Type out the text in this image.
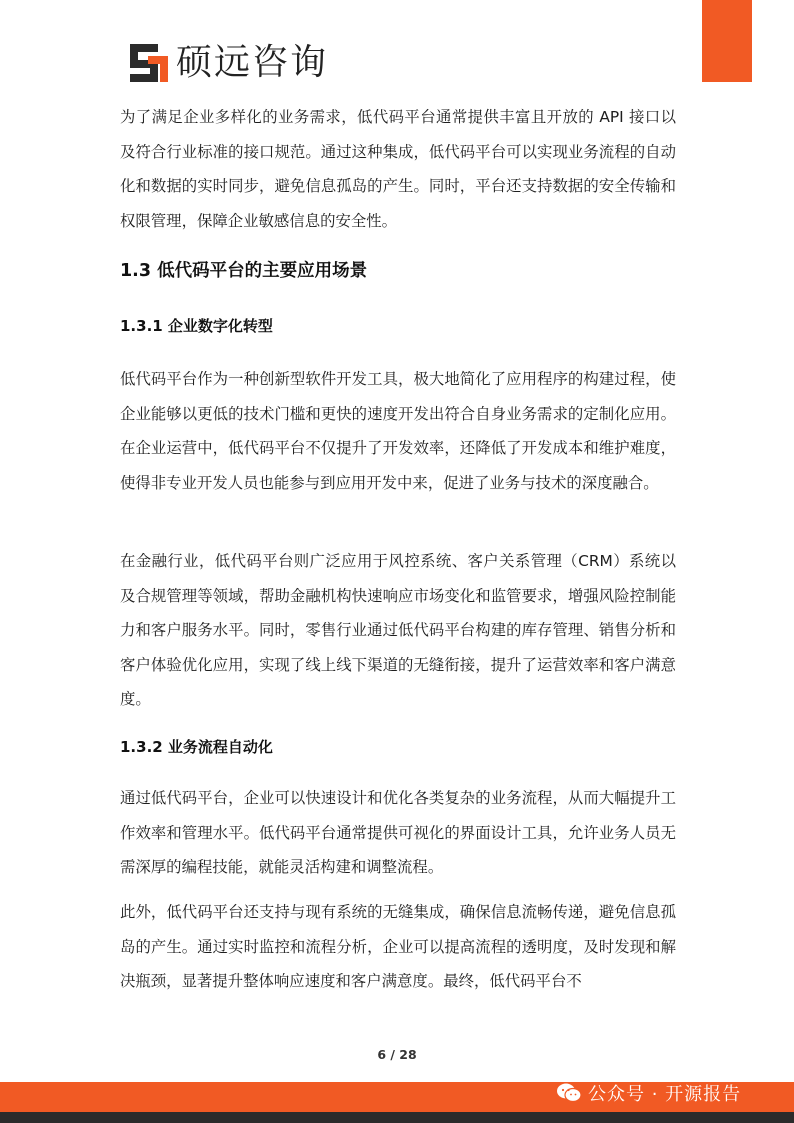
硕远咨询

为了满足企业多样化的业务需求，低代码平台通常提供丰富且开放的 API 接口以及符合行业标准的接口规范。通过这种集成，低代码平台可以实现业务流程的自动化和数据的实时同步，避免信息孤岛的产生。同时，平台还支持数据的安全传输和权限管理，保障企业敏感信息的安全性。

1.3 低代码平台的主要应用场景
1.3.1 企业数字化转型

低代码平台作为一种创新型软件开发工具，极大地简化了应用程序的构建过程，使企业能够以更低的技术门槛和更快的速度开发出符合自身业务需求的定制化应用。在企业运营中，低代码平台不仅提升了开发效率，还降低了开发成本和维护难度，使得非专业开发人员也能参与到应用开发中来，促进了业务与技术的深度融合。

在金融行业，低代码平台则广泛应用于风控系统、客户关系管理（CRM）系统以及合规管理等领域，帮助金融机构快速响应市场变化和监管要求，增强风险控制能力和客户服务水平。同时，零售行业通过低代码平台构建的库存管理、销售分析和客户体验优化应用，实现了线上线下渠道的无缝衔接，提升了运营效率和客户满意度。

1.3.2 业务流程自动化

通过低代码平台，企业可以快速设计和优化各类复杂的业务流程，从而大幅提升工作效率和管理水平。低代码平台通常提供可视化的界面设计工具，允许业务人员无需深厚的编程技能，就能灵活构建和调整流程。

此外，低代码平台还支持与现有系统的无缝集成，确保信息流畅传递，避免信息孤岛的产生。通过实时监控和流程分析，企业可以提高流程的透明度，及时发现和解决瓶颈，显著提升整体响应速度和客户满意度。最终，低代码平台不

6 / 28
公众号 · 开源报告
